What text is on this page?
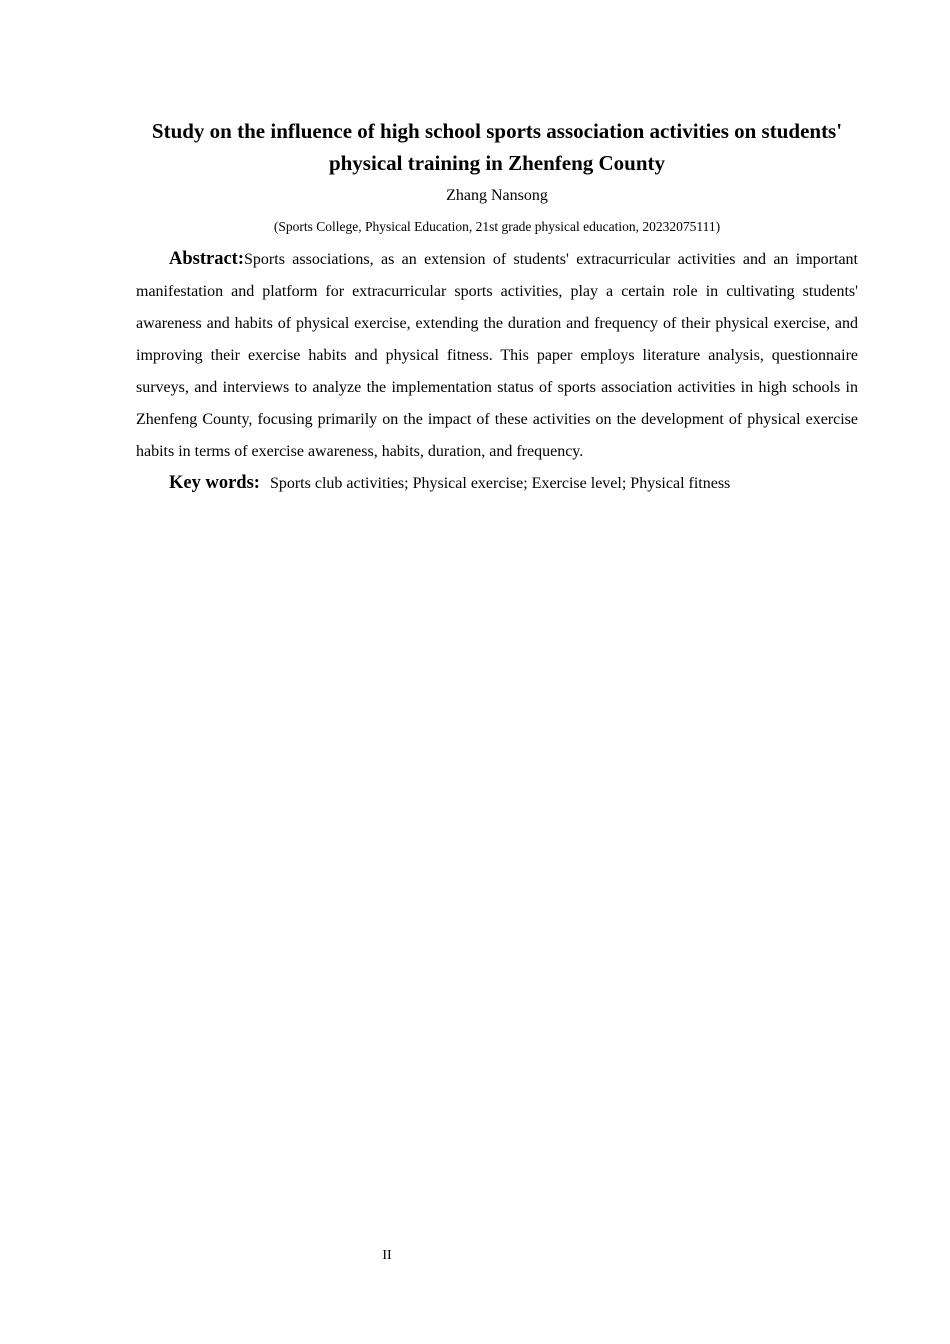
Study on the influence of high school sports association activities on students' physical training in Zhenfeng County

Zhang Nansong

(Sports College, Physical Education, 21st grade physical education, 20232075111)

Abstract:Sports associations, as an extension of students' extracurricular activities and an important manifestation and platform for extracurricular sports activities, play a certain role in cultivating students' awareness and habits of physical exercise, extending the duration and frequency of their physical exercise, and improving their exercise habits and physical fitness. This paper employs literature analysis, questionnaire surveys, and interviews to analyze the implementation status of sports association activities in high schools in Zhenfeng County, focusing primarily on the impact of these activities on the development of physical exercise habits in terms of exercise awareness, habits, duration, and frequency.

Key words: Sports club activities; Physical exercise; Exercise level; Physical fitness

II
